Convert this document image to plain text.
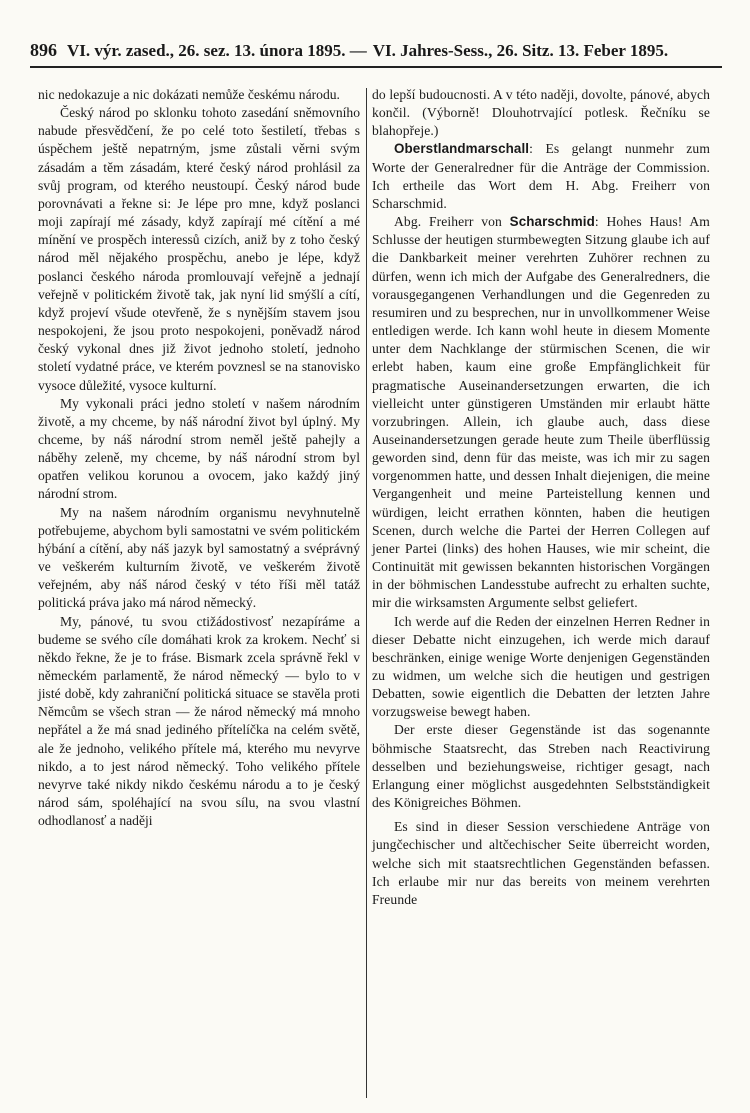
896 VI. výr. zased., 26. sez. 13. února 1895. — VI. Jahres-Sess., 26. Sitz. 13. Feber 1895.

nic nedokazuje a nic dokázati nemůže českému národu.

Český národ po sklonku tohoto zasedání sněmovního nabude přesvědčení, že po celé toto šestiletí, třebas s úspěchem ještě nepatrným, jsme zůstali věrni svým zásadám a těm zásadám, které český národ prohlásil za svůj program, od kterého neustoupí. Český národ bude porovnávati a řekne si: Je lépe pro mne, když poslanci moji zapírají mé zásady, když zapírají mé cítění a mé mínění ve prospěch interessů cizích, aniž by z toho český národ měl nějakého prospěchu, anebo je lépe, když poslanci českého národa promlouvají veřejně a jednají veřejně v politickém životě tak, jak nyní lid smýšlí a cítí, když projeví všude otevřeně, že s nynějším stavem jsou nespokojeni, že jsou proto nespokojeni, poněvadž národ český vykonal dnes již život jednoho století, jednoho století vydatné práce, ve kterém povznesl se na stanovisko vysoce důležité, vysoce kulturní.

My vykonali práci jedno století v našem národním životě, a my chceme, by náš národní život byl úplný. My chceme, by náš národní strom neměl ještě pahejly a náběhy zeleně, my chceme, by náš národní strom byl opatřen velikou korunou a ovocem, jako každý jiný národní strom.

My na našem národním organismu nevyhnutelně potřebujeme, abychom byli samostatni ve svém politickém hýbání a cítění, aby náš jazyk byl samostatný a svéprávný ve veškerém kulturním životě, ve veškerém životě veřejném, aby náš národ český v této říši měl tatáž politická práva jako má národ německý.

My, pánové, tu svou ctižádostivosť nezapíráme a budeme se svého cíle domáhati krok za krokem. Nechť si někdo řekne, že je to fráse. Bismark zcela správně řekl v německém parlamentě, že národ německý — bylo to v jisté době, kdy zahraniční politická situace se stavěla proti Němcům se všech stran — že národ německý má mnoho nepřátel a že má snad jediného přítelíčka na celém světě, ale že jednoho, velikého přítele má, kterého mu nevyrve nikdo, a to jest národ německý. Toho velikého přítele nevyrve také nikdy nikdo českému národu a to je český národ sám, spoléhající na svou sílu, na svou vlastní odhodlanosť a naději

do lepší budoucnosti. A v této naději, dovolte, pánové, abych končil. (Výborně! Dlouhotrvající potlesk. Řečníku se blahopřeje.)

Oberstlandmarschall: Es gelangt nunmehr zum Worte der Generalredner für die Anträge der Commission. Ich ertheile das Wort dem H. Abg. Freiherr von Scharschmid.

Abg. Freiherr von Scharschmid: Hohes Haus! Am Schlusse der heutigen sturmbewegten Sitzung glaube ich auf die Dankbarkeit meiner verehrten Zuhörer rechnen zu dürfen, wenn ich mich der Aufgabe des Generalredners, die vorausgegangenen Verhandlungen und die Gegenreden zu resumiren und zu besprechen, nur in unvollkommener Weise entledigen werde. Ich kann wohl heute in diesem Momente unter dem Nachklange der stürmischen Scenen, die wir erlebt haben, kaum eine große Empfänglichkeit für pragmatische Auseinandersetzungen erwarten, die ich vielleicht unter günstigeren Umständen mir erlaubt hätte vorzubringen. Allein, ich glaube auch, dass diese Auseinandersetzungen gerade heute zum Theile überflüssig geworden sind, denn für das meiste, was ich mir zu sagen vorgenommen hatte, und dessen Inhalt diejenigen, die meine Vergangenheit und meine Parteistellung kennen und würdigen, leicht errathen könnten, haben die heutigen Scenen, durch welche die Partei der Herren Collegen auf jener Partei (links) des hohen Hauses, wie mir scheint, die Continuität mit gewissen bekannten historischen Vorgängen in der böhmischen Landesstube aufrecht zu erhalten suchte, mir die wirksamsten Argumente selbst geliefert.

Ich werde auf die Reden der einzelnen Herren Redner in dieser Debatte nicht einzugehen, ich werde mich darauf beschränken, einige wenige Worte denjenigen Gegenständen zu widmen, um welche sich die heutigen und gestrigen Debatten, sowie eigentlich die Debatten der letzten Jahre vorzugsweise bewegt haben.

Der erste dieser Gegenstände ist das sogenannte böhmische Staatsrecht, das Streben nach Reactivirung desselben und beziehungsweise, richtiger gesagt, nach Erlangung einer möglichst ausgedehnten Selbstständigkeit des Königreiches Böhmen.

Es sind in dieser Session verschiedene Anträge von jungčechischer und altčechischer Seite überreicht worden, welche sich mit staatsrechtlichen Gegenständen befassen. Ich erlaube mir nur das bereits von meinem verehrten Freunde
